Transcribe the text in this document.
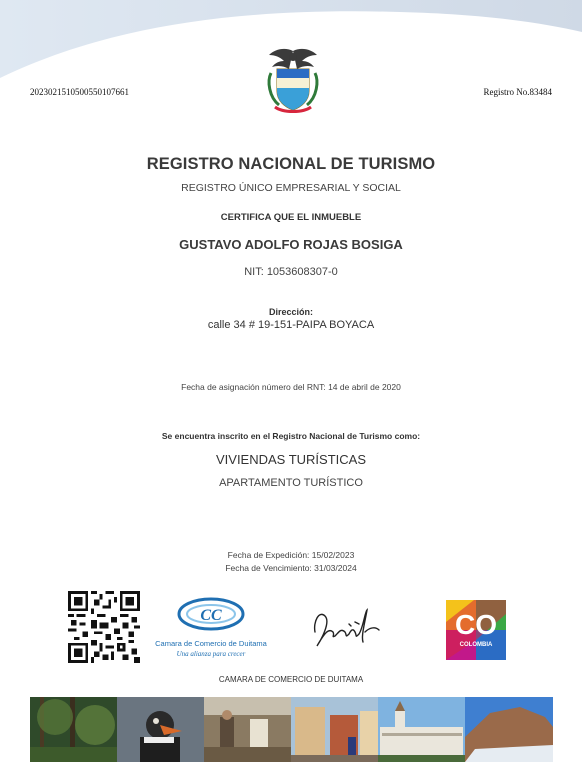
20230215105005501076​61	Registro No.83484
REGISTRO NACIONAL DE TURISMO
REGISTRO ÚNICO EMPRESARIAL Y SOCIAL
CERTIFICA QUE EL INMUEBLE
GUSTAVO ADOLFO ROJAS BOSIGA
NIT: 1053608307-0
Dirección:
calle 34 # 19-151-PAIPA BOYACA
Fecha de asignación número del RNT: 14 de abril de 2020
Se encuentra inscrito en el Registro Nacional de Turismo como:
VIVIENDAS TURÍSTICAS
APARTAMENTO TURÍSTICO
Fecha de Expedición: 15/02/2023
Fecha de Vencimiento: 31/03/2024
CC
Camara de Comercio de Duitama
Una alianza para crecer
CO
COLOMBIA
CAMARA DE COMERCIO DE DUITAMA
